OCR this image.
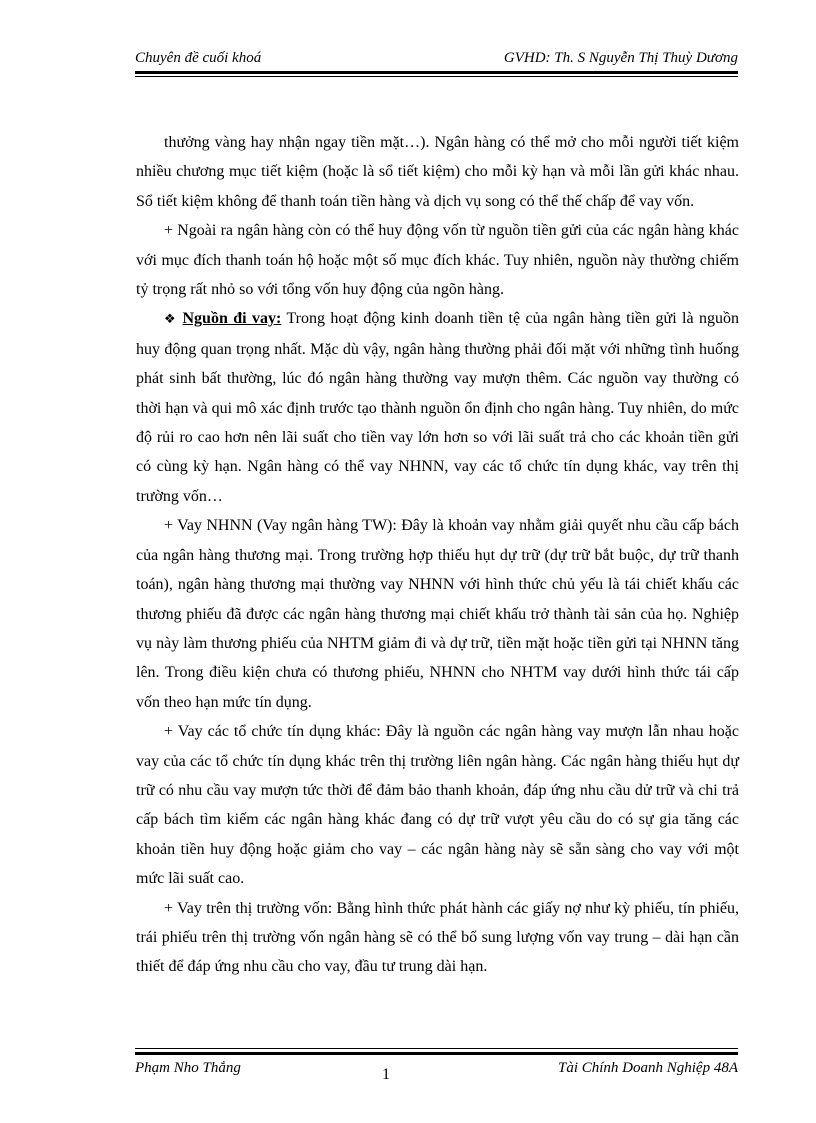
Chuyên đề cuối khoá	GVHD: Th. S Nguyễn Thị Thuỳ Dương

thưởng vàng hay nhận ngay tiền mặt…). Ngân hàng có thể mở cho mỗi người tiết kiệm nhiều chương mục tiết kiệm (hoặc là sổ tiết kiệm) cho mỗi kỳ hạn và mỗi lần gửi khác nhau. Sổ tiết kiệm không để thanh toán tiền hàng và dịch vụ song có thể thế chấp để vay vốn.

+ Ngoài ra ngân hàng còn có thể huy động vốn từ nguồn tiền gửi của các ngân hàng khác với mục đích thanh toán hộ hoặc một số mục đích khác. Tuy nhiên, nguồn này thường chiếm tỷ trọng rất nhỏ so với tổng vốn huy động của ngõn hàng.

❖ Nguồn đi vay: Trong hoạt động kinh doanh tiền tệ của ngân hàng tiền gửi là nguồn huy động quan trọng nhất. Mặc dù vậy, ngân hàng thường phải đối mặt với những tình huống phát sinh bất thường, lúc đó ngân hàng thường vay mượn thêm. Các nguồn vay thường có thời hạn và qui mô xác định trước tạo thành nguồn ổn định cho ngân hàng. Tuy nhiên, do mức độ rủi ro cao hơn nên lãi suất cho tiền vay lớn hơn so với lãi suất trả cho các khoản tiền gửi có cùng kỳ hạn. Ngân hàng có thể vay NHNN, vay các tổ chức tín dụng khác, vay trên thị trường vốn…

+ Vay NHNN (Vay ngân hàng TW): Đây là khoản vay nhằm giải quyết nhu cầu cấp bách của ngân hàng thương mại. Trong trường hợp thiếu hụt dự trữ (dự trữ bắt buộc, dự trữ thanh toán), ngân hàng thương mại thường vay NHNN với hình thức chủ yếu là tái chiết khấu các thương phiếu đã được các ngân hàng thương mại chiết khấu trở thành tài sản của họ. Nghiệp vụ này làm thương phiếu của NHTM giảm đi và dự trữ, tiền mặt hoặc tiền gửi tại NHNN tăng lên. Trong điều kiện chưa có thương phiếu, NHNN cho NHTM vay dưới hình thức tái cấp vốn theo hạn mức tín dụng.

+ Vay các tổ chức tín dụng khác: Đây là nguồn các ngân hàng vay mượn lẫn nhau hoặc vay của các tổ chức tín dụng khác trên thị trường liên ngân hàng. Các ngân hàng thiếu hụt dự trữ có nhu cầu vay mượn tức thời để đảm bảo thanh khoản, đáp ứng nhu cầu dử trữ và chi trả cấp bách tìm kiếm các ngân hàng khác đang có dự trữ vượt yêu cầu do có sự gia tăng các khoản tiền huy động hoặc giảm cho vay – các ngân hàng này sẽ sẵn sàng cho vay với một mức lãi suất cao.

+ Vay trên thị trường vốn: Bằng hình thức phát hành các giấy nợ như kỳ phiếu, tín phiếu, trái phiếu trên thị trường vốn ngân hàng sẽ có thể bổ sung lượng vốn vay trung – dài hạn cần thiết để đáp ứng nhu cầu cho vay, đầu tư trung dài hạn.

Phạm Nho Thắng	1	Tài Chính Doanh Nghiệp 48A
